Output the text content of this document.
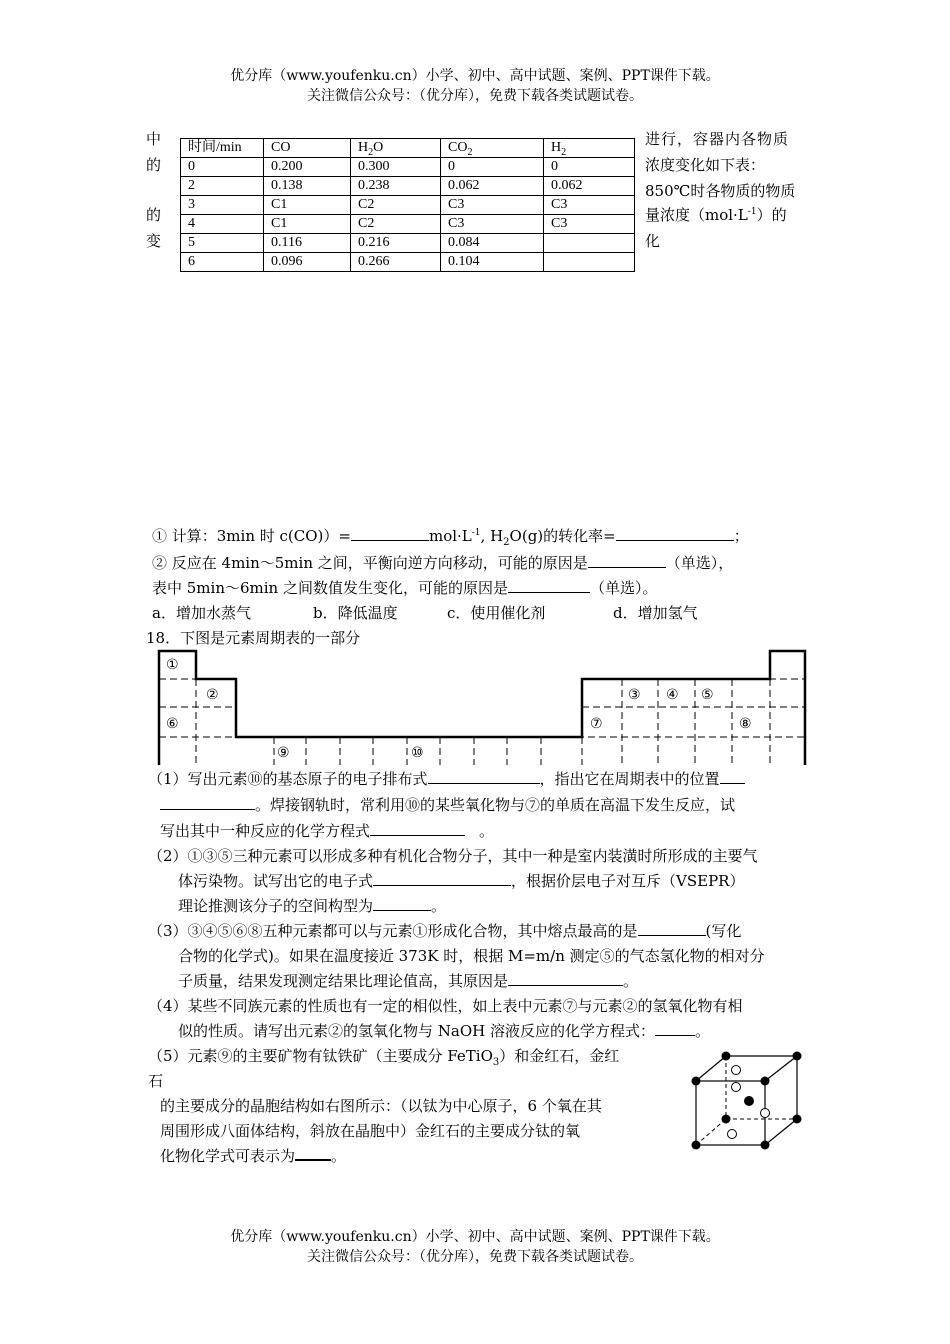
优分库（www.youfenku.cn）小学、初中、高中试题、案例、PPT课件下载。
关注微信公众号：（优分库），免费下载各类试题试卷。
中
的
的
变
进行，容器内各物质
浓度变化如下表：
850℃时各物质的物质
量浓度$(mol\cdot L^{-1})$的
化
时间/min	CO	$H_2O$	$CO_2$	$H_2$
0	0.200	0.300	0	0
2	0.138	0.238	0.062	0.062
3	C1	C2	C3	C3
4	C1	C2	C3	C3
5	0.116	0.216	0.084	
6	0.096	0.266	0.104	
① 计算：3min 时 c(CO)）=	$mol\cdot L^{-1}$, $H_2O(g)$的转化率=	；
② 反应在 4min～5min 之间，平衡向逆方向移动，可能的原因是	（单选），
表中 5min～6min 之间数值发生变化，可能的原因是	（单选）。
a．增加水蒸气	b．降低温度	c．使用催化剂	d．增加氢气
18．下图是元素周期表的一部分
①
②
⑥
⑨	⑩
⑦
③ ④ ⑤
⑧
（1）写出元素⑩的基态原子的电子排布式	，指出它在周期表中的位置
。焊接钢轨时，常利用⑩的某些氧化物与⑦的单质在高温下发生反应，试
写出其中一种反应的化学方程式	。
（2）①③⑤三种元素可以形成多种有机化合物分子，其中一种是室内装潢时所形成的主要气
体污染物。试写出它的电子式	，根据价层电子对互斥（VSEPR）
理论推测该分子的空间构型为	。
（3）③④⑤⑥⑧五种元素都可以与元素①形成化合物，其中熔点最高的是	(写化
合物的化学式)。如果在温度接近 373K 时，根据 M=m/n 测定⑤的气态氢化物的相对分
子质量，结果发现测定结果比理论值高，其原因是	。
（4）某些不同族元素的性质也有一定的相似性，如上表中元素⑦与元素②的氢氧化物有相
似的性质。请写出元素②的氢氧化物与 NaOH 溶液反应的化学方程式：	。
（5）元素⑨的主要矿物有钛铁矿（主要成分 FeTiO$_3$）和金红石，金红
石
的主要成分的晶胞结构如右图所示：（以钛为中心原子，6 个氧在其
周围形成八面体结构，斜放在晶胞中）金红石的主要成分钛的氧
化物化学式可表示为 。
优分库（www.youfenku.cn）小学、初中、高中试题、案例、PPT课件下载。
关注微信公众号：（优分库），免费下载各类试题试卷。
